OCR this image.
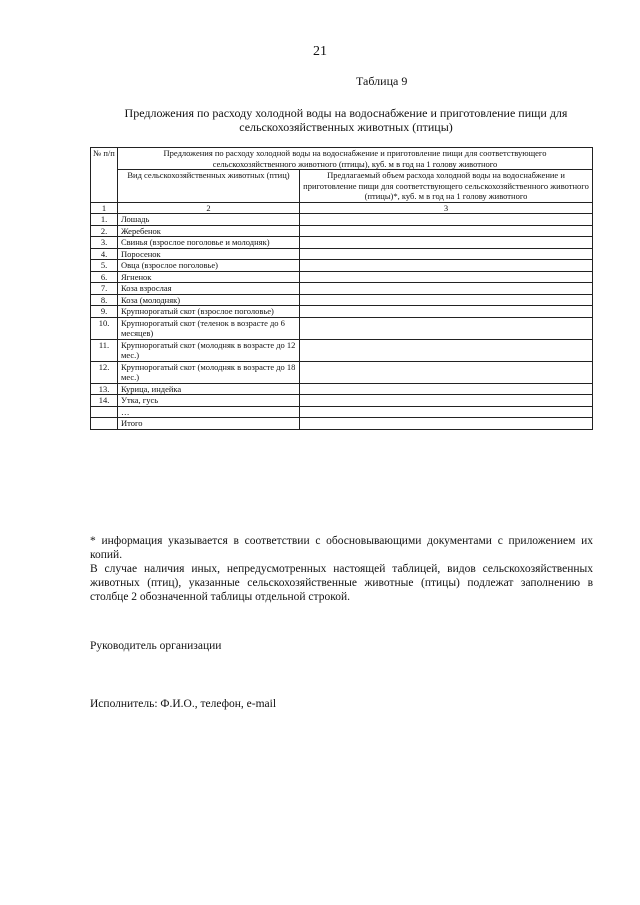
21
Таблица 9
Предложения по расходу холодной воды на водоснабжение и приготовление пищи для сельскохозяйственных животных (птицы)
№ п/п	Предложения по расходу холодной воды на водоснабжение и приготовление пищи для соответствующего сельскохозяйственного животного (птицы), куб. м в год на 1 голову животного	
	Вид сельскохозяйственных животных (птиц)	Предлагаемый объем расхода холодной воды на водоснабжение и приготовление пищи для соответствующего сельскохозяйственного животного (птицы)*, куб. м в год на 1 голову животного
1	2	3
1.	Лошадь	
2.	Жеребенок	
3.	Свинья (взрослое поголовье и молодняк)	
4.	Поросенок	
5.	Овца (взрослое поголовье)	
6.	Ягненок	
7.	Коза взрослая	
8.	Коза (молодняк)	
9.	Крупнорогатый скот (взрослое поголовье)	
10.	Крупнорогатый скот (теленок в возрасте до 6 месяцев)	
11.	Крупнорогатый скот (молодняк в возрасте до 12 мес.)	
12.	Крупнорогатый скот (молодняк в возрасте до 18 мес.)	
13.	Курица, индейка	
14.	Утка, гусь	
	…	
	Итого	

* информация указывается в соответствии с обосновывающими документами с приложением их копий.

В случае наличия иных, непредусмотренных настоящей таблицей, видов сельскохозяйственных животных (птиц), указанные сельскохозяйственные животные (птицы) подлежат заполнению в столбце 2 обозначенной таблицы отдельной строкой.

Руководитель организации
Исполнитель: Ф.И.О., телефон, e-mail
